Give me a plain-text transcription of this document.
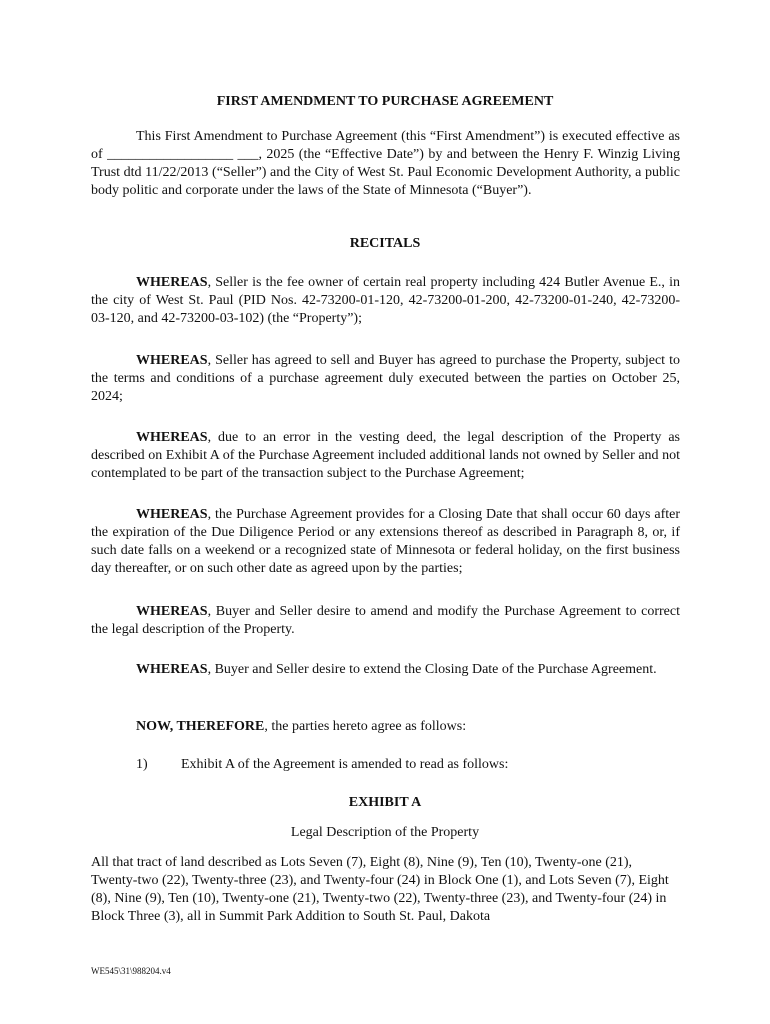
FIRST AMENDMENT TO PURCHASE AGREEMENT
This First Amendment to Purchase Agreement (this “First Amendment”) is executed effective as of __________________ ___, 2025 (the “Effective Date”) by and between the Henry F. Winzig Living Trust dtd 11/22/2013 (“Seller”) and the City of West St. Paul Economic Development Authority, a public body politic and corporate under the laws of the State of Minnesota (“Buyer”).
RECITALS
WHEREAS, Seller is the fee owner of certain real property including 424 Butler Avenue E., in the city of West St. Paul (PID Nos. 42-73200-01-120, 42-73200-01-200, 42-73200-01-240, 42-73200-03-120, and 42-73200-03-102) (the “Property”);
WHEREAS, Seller has agreed to sell and Buyer has agreed to purchase the Property, subject to the terms and conditions of a purchase agreement duly executed between the parties on October 25, 2024;
WHEREAS, due to an error in the vesting deed, the legal description of the Property as described on Exhibit A of the Purchase Agreement included additional lands not owned by Seller and not contemplated to be part of the transaction subject to the Purchase Agreement;
WHEREAS, the Purchase Agreement provides for a Closing Date that shall occur 60 days after the expiration of the Due Diligence Period or any extensions thereof as described in Paragraph 8, or, if such date falls on a weekend or a recognized state of Minnesota or federal holiday, on the first business day thereafter, or on such other date as agreed upon by the parties;
WHEREAS, Buyer and Seller desire to amend and modify the Purchase Agreement to correct the legal description of the Property.
WHEREAS, Buyer and Seller desire to extend the Closing Date of the Purchase Agreement.
NOW, THEREFORE, the parties hereto agree as follows:
1) Exhibit A of the Agreement is amended to read as follows:
EXHIBIT A
Legal Description of the Property
All that tract of land described as Lots Seven (7), Eight (8), Nine (9), Ten (10), Twenty-one (21), Twenty-two (22), Twenty-three (23), and Twenty-four (24) in Block One (1), and Lots Seven (7), Eight (8), Nine (9), Ten (10), Twenty-one (21), Twenty-two (22), Twenty-three (23), and Twenty-four (24) in Block Three (3), all in Summit Park Addition to South St. Paul, Dakota
WE545\31\988204.v4
